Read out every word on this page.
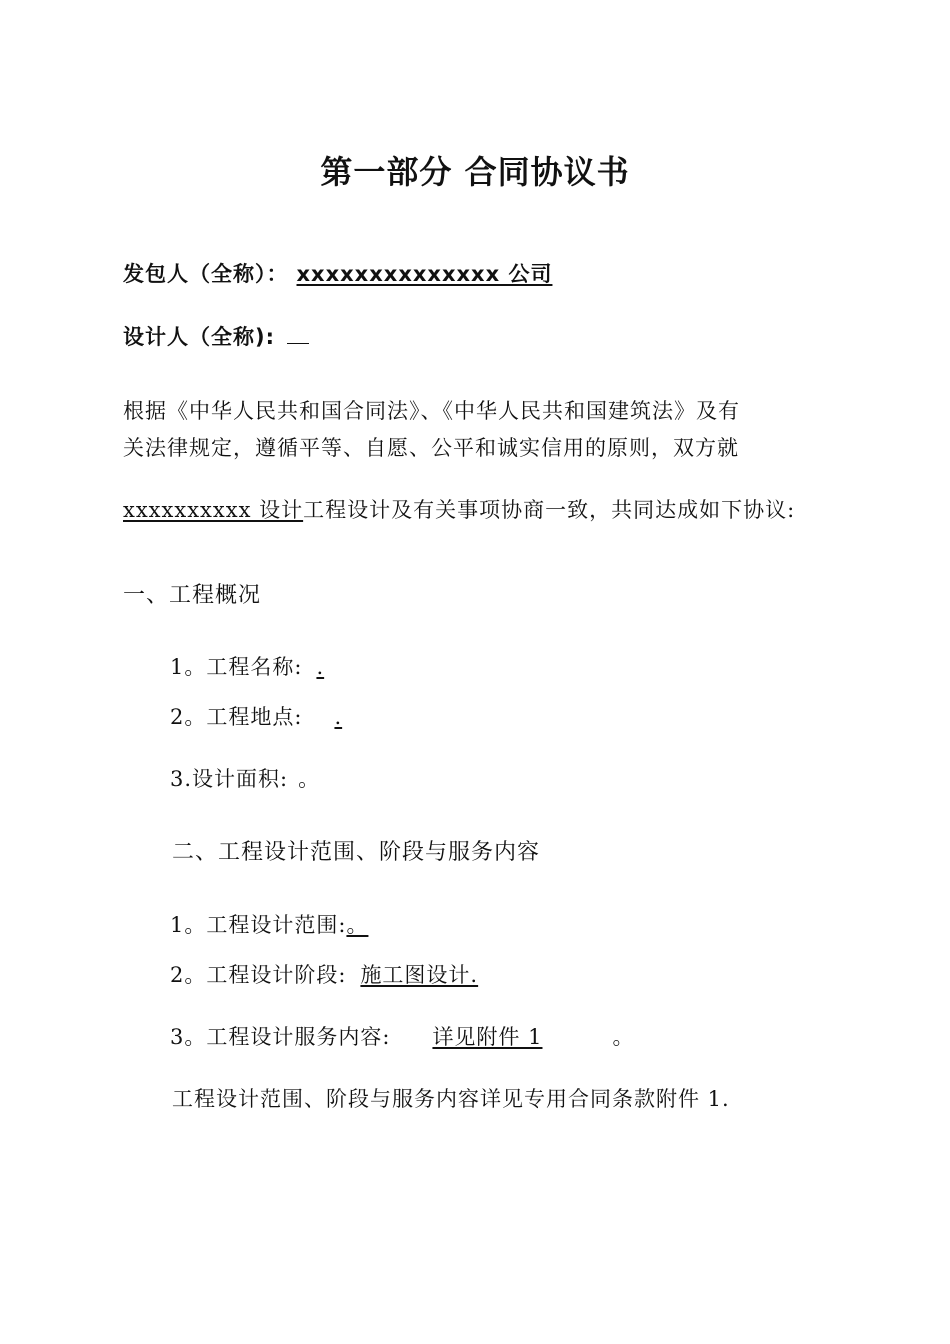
第一部分 合同协议书
发包人（全称）： xxxxxxxxxxxxxx 公司
设计人（全称):
根据《中华人民共和国合同法》、《中华人民共和国建筑法》及有
关法律规定，遵循平等、自愿、公平和诚实信用的原则，双方就
xxxxxxxxxx 设计工程设计及有关事项协商一致，共同达成如下协议:
一、工程概况
1。工程名称: .
2。工程地点: .
3.设计面积: 。
二、工程设计范围、阶段与服务内容
1。工程设计范围:。
2。工程设计阶段: 施工图设计.
3。工程设计服务内容: 详见附件 1	。
工程设计范围、阶段与服务内容详见专用合同条款附件 1.
